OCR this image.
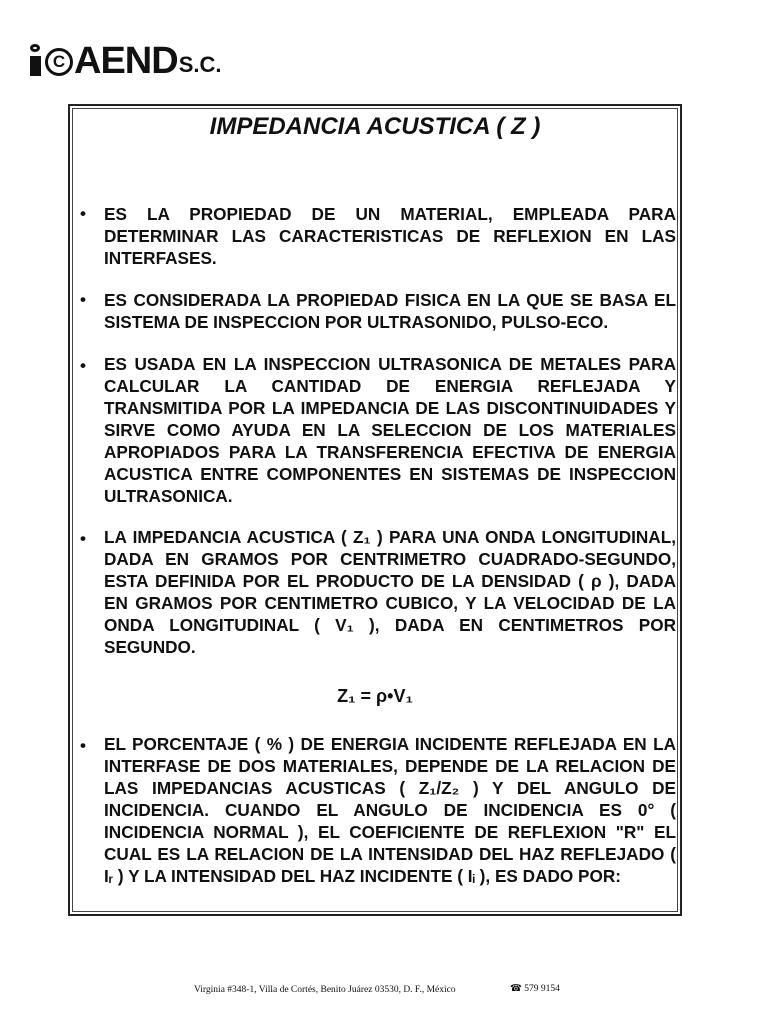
C AEN D S.C.
IMPEDANCIA ACUSTICA ( Z )
• ES LA PROPIEDAD DE UN MATERIAL, EMPLEADA PARA DETERMINAR LAS CARACTERISTICAS DE REFLEXION EN LAS INTERFASES.
• ES CONSIDERADA LA PROPIEDAD FISICA EN LA QUE SE BASA EL SISTEMA DE INSPECCION POR ULTRASONIDO, PULSO-ECO.
• ES USADA EN LA INSPECCION ULTRASONICA DE METALES PARA CALCULAR LA CANTIDAD DE ENERGIA REFLEJADA Y TRANSMITIDA POR LA IMPEDANCIA DE LAS DISCONTINUIDADES Y SIRVE COMO AYUDA EN LA SELECCION DE LOS MATERIALES APROPIADOS PARA LA TRANSFERENCIA EFECTIVA DE ENERGIA ACUSTICA ENTRE COMPONENTES EN SISTEMAS DE INSPECCION ULTRASONICA.
• LA IMPEDANCIA ACUSTICA ( Z₁ ) PARA UNA ONDA LONGITUDINAL, DADA EN GRAMOS POR CENTRIMETRO CUADRADO-SEGUNDO, ESTA DEFINIDA POR EL PRODUCTO DE LA DENSIDAD ( ρ ), DADA EN GRAMOS POR CENTIMETRO CUBICO, Y LA VELOCIDAD DE LA ONDA LONGITUDINAL ( V₁ ), DADA EN CENTIMETROS POR SEGUNDO.
Z₁ = ρ•V₁
• EL PORCENTAJE ( % ) DE ENERGIA INCIDENTE REFLEJADA EN LA INTERFASE DE DOS MATERIALES, DEPENDE DE LA RELACION DE LAS IMPEDANCIAS ACUSTICAS ( Z₁/Z₂ ) Y DEL ANGULO DE INCIDENCIA. CUANDO EL ANGULO DE INCIDENCIA ES 0° ( INCIDENCIA NORMAL ), EL COEFICIENTE DE REFLEXION "R" EL CUAL ES LA RELACION DE LA INTENSIDAD DEL HAZ REFLEJADO ( Iᵣ ) Y LA INTENSIDAD DEL HAZ INCIDENTE ( Iᵢ ), ES DADO POR:
Virginia #348-1, Villa de Cortés, Benito Juárez 03530, D. F., México	☎ 579 9154
